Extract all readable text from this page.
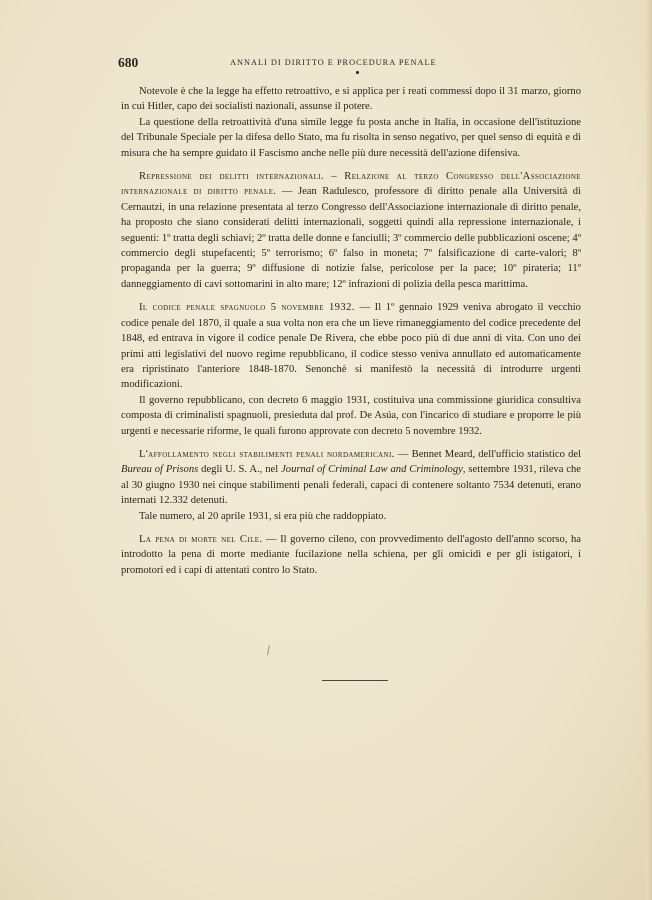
680	ANNALI DI DIRITTO E PROCEDURA PENALE

Notevole è che la legge ha effetto retroattivo, e si applica per i reati commessi dopo il 31 marzo, giorno in cui Hitler, capo dei socialisti nazionali, assunse il potere.

La questione della retroattività d'una simile legge fu posta anche in Italia, in occasione dell'istituzione del Tribunale Speciale per la difesa dello Stato, ma fu risolta in senso negativo, per quel senso di equità e di misura che ha sempre guidato il Fascismo anche nelle più dure necessità dell'azione difensiva.

Repressione dei delitti internazionali. – Relazione al terzo Congresso dell'Associazione internazionale di diritto penale. — Jean Radulesco, professore di diritto penale alla Università di Cernautzi, in una relazione presentata al terzo Congresso dell'Associazione internazionale di diritto penale, ha proposto che siano considerati delitti internazionali, soggetti quindi alla repressione internazionale, i seguenti: 1º tratta degli schiavi; 2º tratta delle donne e fanciulli; 3º commercio delle pubblicazioni oscene; 4º commercio degli stupefacenti; 5º terrorismo; 6º falso in moneta; 7º falsificazione di carte-valori; 8º propaganda per la guerra; 9º diffusione di notizie false, pericolose per la pace; 10º pirateria; 11º danneggiamento di cavi sottomarini in alto mare; 12º infrazioni di polizia della pesca marittima.

Il codice penale spagnuolo 5 novembre 1932. — Il 1º gennaio 1929 veniva abrogato il vecchio codice penale del 1870, il quale a sua volta non era che un lieve rimaneggiamento del codice precedente del 1848, ed entrava in vigore il codice penale De Rivera, che ebbe poco più di due anni di vita. Con uno dei primi atti legislativi del nuovo regime repubblicano, il codice stesso veniva annullato ed automaticamente era ripristinato l'anteriore 1848-1870. Senonchè si manifestò la necessità di introdurre urgenti modificazioni.

Il governo repubblicano, con decreto 6 maggio 1931, costituiva una commissione giuridica consultiva composta di criminalisti spagnuoli, presieduta dal prof. De Asúa, con l'incarico di studiare e proporre le più urgenti e necessarie riforme, le quali furono approvate con decreto 5 novembre 1932.

L'affollamento negli stabilimenti penali nordamericani. — Bennet Meard, dell'ufficio statistico del Bureau of Prisons degli U. S. A., nel Journal of Criminal Law and Criminology, settembre 1931, rileva che al 30 giugno 1930 nei cinque stabilimenti penali federali, capaci di contenere soltanto 7534 detenuti, erano internati 12.332 detenuti.

Tale numero, al 20 aprile 1931, si era più che raddoppiato.

La pena di morte nel Cile. — Il governo cileno, con provvedimento dell'agosto dell'anno scorso, ha introdotto la pena di morte mediante fucilazione nella schiena, per gli omicidi e per gli istigatori, i promotori ed i capi di attentati contro lo Stato.
